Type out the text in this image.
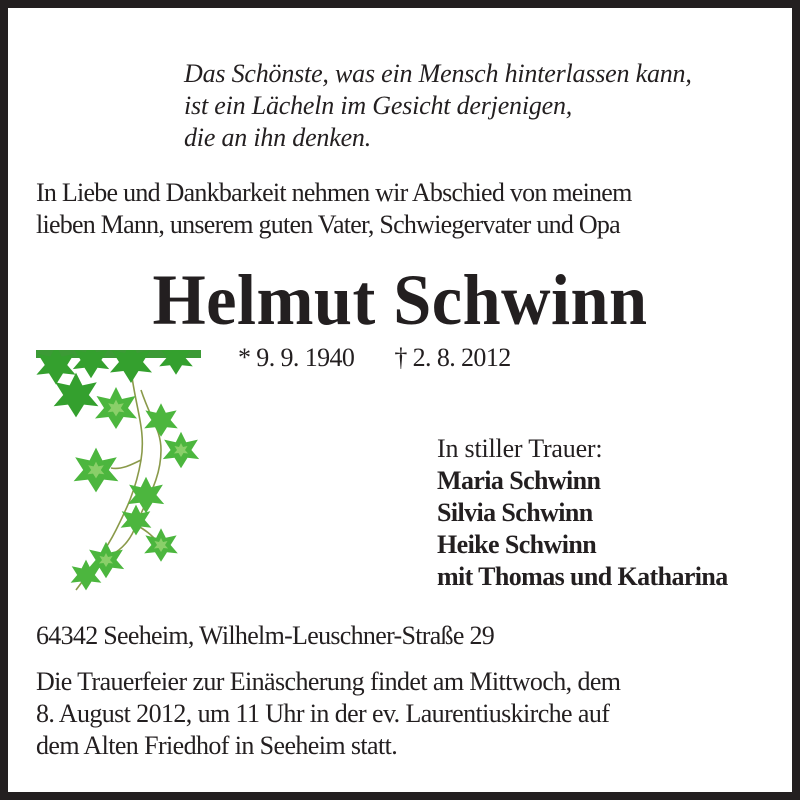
Das Schönste, was ein Mensch hinterlassen kann,
ist ein Lächeln im Gesicht derjenigen,
die an ihn denken.
In Liebe und Dankbarkeit nehmen wir Abschied von meinem
lieben Mann, unserem guten Vater, Schwiegervater und Opa
Helmut Schwinn
* 9. 9. 1940 † 2. 8. 2012
In stiller Trauer:
Maria Schwinn
Silvia Schwinn
Heike Schwinn
mit Thomas und Katharina
64342 Seeheim, Wilhelm-Leuschner-Straße 29
Die Trauerfeier zur Einäscherung findet am Mittwoch, dem
8. August 2012, um 11 Uhr in der ev. Laurentiuskirche auf
dem Alten Friedhof in Seeheim statt.
